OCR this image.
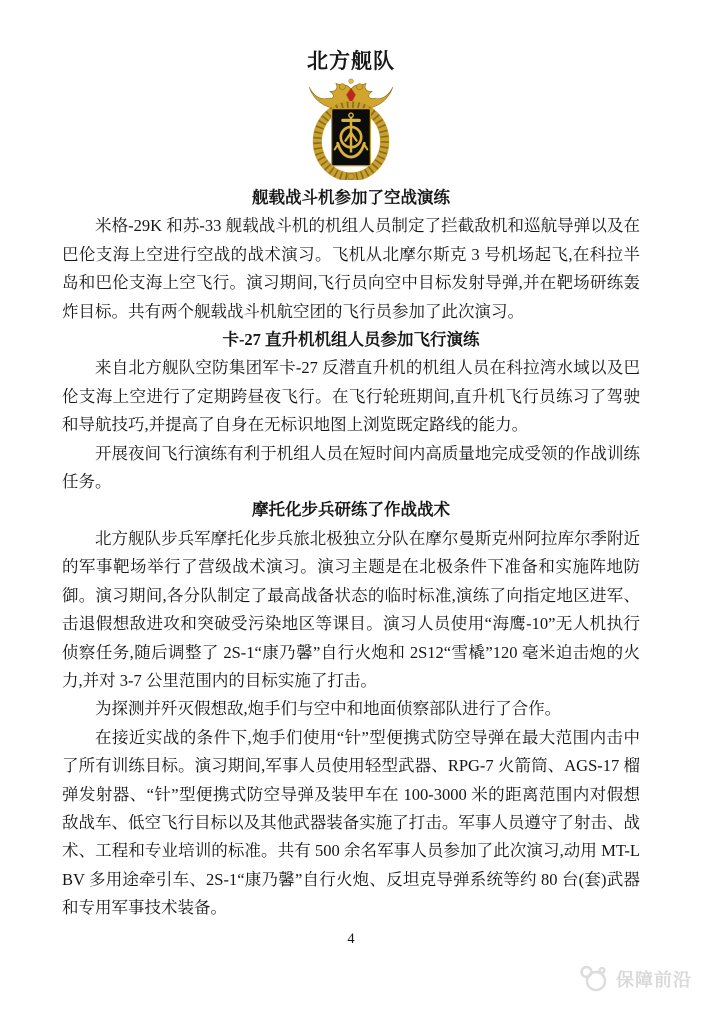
北方舰队
舰载战斗机参加了空战演练

米格-29K 和苏-33 舰载战斗机的机组人员制定了拦截敌机和巡航导弹以及在巴伦支海上空进行空战的战术演习。飞机从北摩尔斯克 3 号机场起飞,在科拉半岛和巴伦支海上空飞行。演习期间,飞行员向空中目标发射导弹,并在靶场研练轰炸目标。共有两个舰载战斗机航空团的飞行员参加了此次演习。

卡-27 直升机机组人员参加飞行演练

来自北方舰队空防集团军卡-27 反潜直升机的机组人员在科拉湾水域以及巴伦支海上空进行了定期跨昼夜飞行。在飞行轮班期间,直升机飞行员练习了驾驶和导航技巧,并提高了自身在无标识地图上浏览既定路线的能力。

开展夜间飞行演练有利于机组人员在短时间内高质量地完成受领的作战训练任务。

摩托化步兵研练了作战战术

北方舰队步兵军摩托化步兵旅北极独立分队在摩尔曼斯克州阿拉库尔季附近的军事靶场举行了营级战术演习。演习主题是在北极条件下准备和实施阵地防御。演习期间,各分队制定了最高战备状态的临时标准,演练了向指定地区进军、击退假想敌进攻和突破受污染地区等课目。演习人员使用“海鹰-10”无人机执行侦察任务,随后调整了 2S-1“康乃馨”自行火炮和 2S12“雪橇”120 毫米迫击炮的火力,并对 3-7 公里范围内的目标实施了打击。

为探测并歼灭假想敌,炮手们与空中和地面侦察部队进行了合作。

在接近实战的条件下,炮手们使用“针”型便携式防空导弹在最大范围内击中了所有训练目标。演习期间,军事人员使用轻型武器、RPG-7 火箭筒、AGS-17 榴弹发射器、“针”型便携式防空导弹及装甲车在 100-3000 米的距离范围内对假想敌战车、低空飞行目标以及其他武器装备实施了打击。军事人员遵守了射击、战术、工程和专业培训的标准。共有 500 余名军事人员参加了此次演习,动用 MT-LBV 多用途牵引车、2S-1“康乃馨”自行火炮、反坦克导弹系统等约 80 台(套)武器和专用军事技术装备。

4
保障前沿
